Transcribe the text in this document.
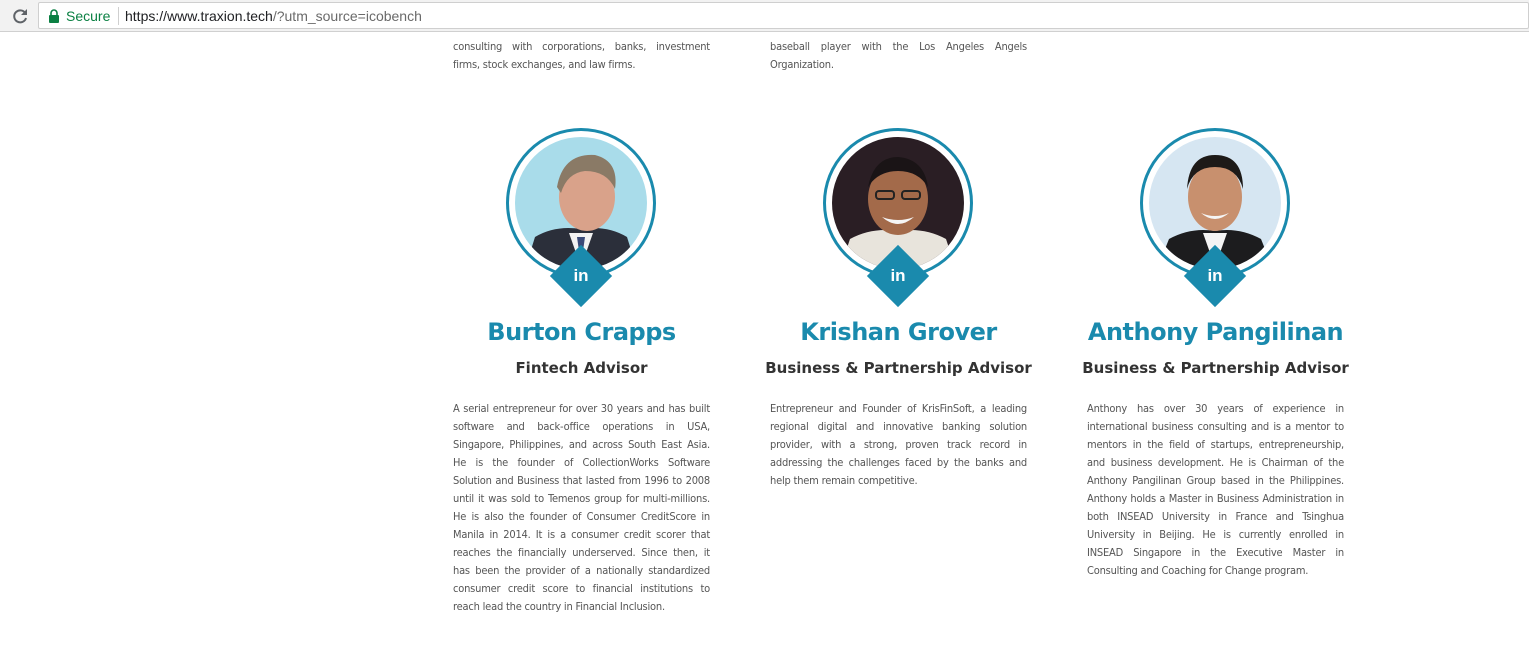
Secure https://www.traxion.tech/?utm_source=icobench

consulting with corporations, banks, investment firms, stock exchanges, and law firms.

baseball player with the Los Angeles Angels Organization.

in
Burton Crapps
Fintech Advisor

A serial entrepreneur for over 30 years and has built software and back-office operations in USA, Singapore, Philippines, and across South East Asia. He is the founder of CollectionWorks Software Solution and Business that lasted from 1996 to 2008 until it was sold to Temenos group for multi-millions. He is also the founder of Consumer CreditScore in Manila in 2014. It is a consumer credit scorer that reaches the financially underserved. Since then, it has been the provider of a nationally standardized consumer credit score to financial institutions to reach lead the country in Financial Inclusion.

in
Krishan Grover
Business & Partnership Advisor

Entrepreneur and Founder of KrisFinSoft, a leading regional digital and innovative banking solution provider, with a strong, proven track record in addressing the challenges faced by the banks and help them remain competitive.

in
Anthony Pangilinan
Business & Partnership Advisor

Anthony has over 30 years of experience in international business consulting and is a mentor to mentors in the field of startups, entrepreneurship, and business development. He is Chairman of the Anthony Pangilinan Group based in the Philippines. Anthony holds a Master in Business Administration in both INSEAD University in France and Tsinghua University in Beijing. He is currently enrolled in INSEAD Singapore in the Executive Master in Consulting and Coaching for Change program.
